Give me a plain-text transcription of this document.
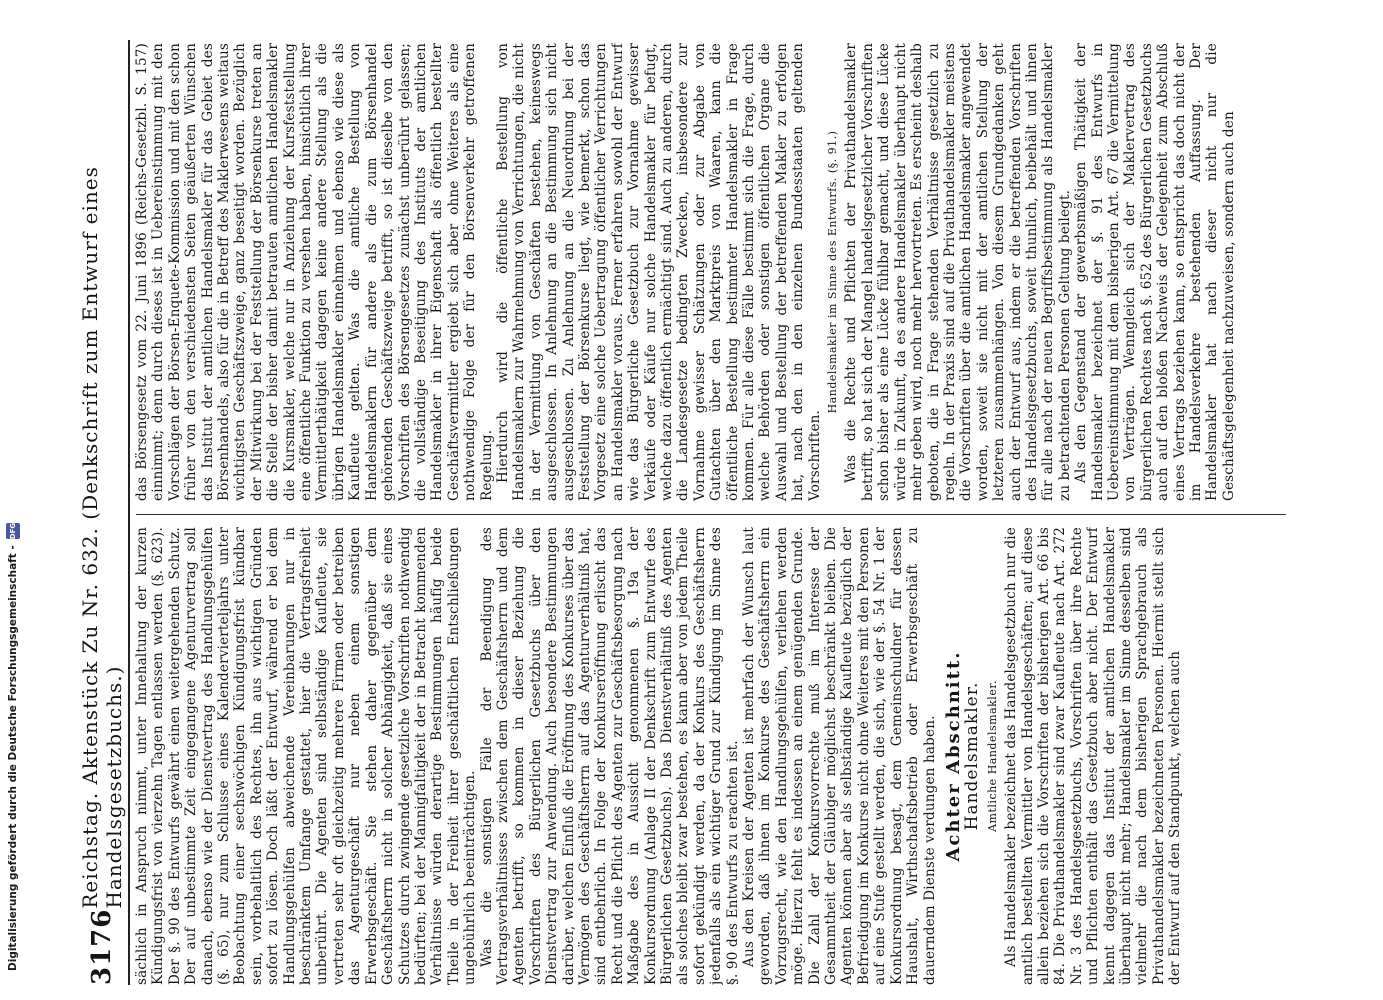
3176
Reichstag. Aktenstück Zu Nr. 632. (Denkschrift zum Entwurf eines Handelsgesetzbuchs.) sächlich in Anspruch nimmt, unter Innehaltung der kurzen Kündigungsfrist von vierzehn Tagen entlassen werden (§. 623). Der §. 90 des Entwurfs gewährt einen weitergehenden Schutz. Der auf unbestimmte Zeit eingegangene Agenturvertrag soll danach, ebenso wie der Dienstvertrag des Handlungsgehülfen (§. 65), nur zum Schlusse eines Kalendervierteljahrs unter Beobachtung einer sechswöchigen Kündigungsfrist kündbar sein, vorbehaltlich des Rechtes, ihn aus wichtigen Gründen sofort zu lösen. Doch läßt der Entwurf, während er bei dem Handlungsgehülfen abweichende Vereinbarungen nur in beschränktem Umfange gestattet, hier die Vertragsfreiheit unberührt. Die Agenten sind selbständige Kaufleute, sie vertreten sehr oft gleichzeitig mehrere Firmen oder betreiben das Agenturgeschäft nur neben einem sonstigen Erwerbsgeschäft. Sie stehen daher gegenüber dem Geschäftsherrn nicht in solcher Abhängigkeit, daß sie eines Schutzes durch zwingende gesetzliche Vorschriften nothwendig bedürften; bei der Mannigfaltigkeit der in Betracht kommenden Verhältnisse würden derartige Bestimmungen häufig beide Theile in der Freiheit ihrer geschäftlichen Entschließungen ungebührlich beeinträchtigen. Was die sonstigen Fälle der Beendigung des Vertragsverhältnisses zwischen dem Geschäftsherrn und dem Agenten betrifft, so kommen in dieser Beziehung die Vorschriften des Bürgerlichen Gesetzbuchs über den Dienstvertrag zur Anwendung. Auch besondere Bestimmungen darüber, welchen Einfluß die Eröffnung des Konkurses über das Vermögen des Geschäftsherrn auf das Agenturverhältniß hat, sind entbehrlich. In Folge der Konkurseröffnung erlischt das Recht und die Pflicht des Agenten zur Geschäftsbesorgung nach Maßgabe des in Aussicht genommenen §. 19a der Konkursordnung (Anlage II der Denkschrift zum Entwurfe des Bürgerlichen Gesetzbuchs). Das Dienstverhältniß des Agenten als solches bleibt zwar bestehen, es kann aber von jedem Theile sofort gekündigt werden, da der Konkurs des Geschäftsherrn jedenfalls als ein wichtiger Grund zur Kündigung im Sinne des §. 90 des Entwurfs zu erachten ist. Aus den Kreisen der Agenten ist mehrfach der Wunsch laut geworden, daß ihnen im Konkurse des Geschäftsherrn ein Vorzugsrecht, wie den Handlungsgehülfen, verliehen werden möge. Hierzu fehlt es indessen an einem genügenden Grunde. Die Zahl der Konkursvorrechte muß im Interesse der Gesammtheit der Gläubiger möglichst beschränkt bleiben. Die Agenten können aber als selbständige Kaufleute bezüglich der Befriedigung im Konkurse nicht ohne Weiteres mit den Personen auf eine Stufe gestellt werden, die sich, wie der §. 54 Nr. 1 der Konkursordnung besagt, dem Gemeinschuldner für dessen Haushalt, Wirthschaftsbetrieb oder Erwerbsgeschäft zu dauerndem Dienste verdungen haben. Achter Abschnitt.
Handelsmakler. Amtliche Handelsmakler. Als Handelsmakler bezeichnet das Handelsgesetzbuch nur die amtlich bestellten Vermittler von Handelsgeschäften; auf diese allein beziehen sich die Vorschriften der bisherigen Art. 66 bis 84. Die Privathandelsmakler sind zwar Kaufleute nach Art. 272 Nr. 3 des Handelsgesetzbuchs, Vorschriften über ihre Rechte und Pflichten enthält das Gesetzbuch aber nicht. Der Entwurf kennt dagegen das Institut der amtlichen Handelsmakler überhaupt nicht mehr; Handelsmakler im Sinne desselben sind vielmehr die nach dem bisherigen Sprachgebrauch als Privathandelsmakler bezeichneten Personen. Hiermit stellt sich der Entwurf auf den Standpunkt, welchen auch

das Börsengesetz vom 22. Juni 1896 (Reichs-Gesetzbl. S. 157) einnimmt; denn durch dieses ist in Uebereinstimmung mit den Vorschlägen der Börsen-Enquete-Kommission und mit den schon früher von den verschiedensten Seiten geäußerten Wünschen das Institut der amtlichen Handelsmakler für das Gebiet des Börsenhandels, also für die in Betreff des Maklerwesens weitaus wichtigsten Geschäftszweige, ganz beseitigt worden. Bezüglich der Mitwirkung bei der Feststellung der Börsenkurse treten an die Stelle der bisher damit betrauten amtlichen Handelsmakler die Kursmakler, welche nur in Anziehung der Kursfeststellung eine öffentliche Funktion zu versehen haben, hinsichtlich ihrer Vermittlerthätigkeit dagegen keine andere Stellung als die übrigen Handelsmakler einnehmen und ebenso wie diese als Kaufleute gelten. Was die amtliche Bestellung von Handelsmaklern für andere als die zum Börsenhandel gehörenden Geschäftszweige betrifft, so ist dieselbe von den Vorschriften des Börsengesetzes zunächst unberührt gelassen; die vollständige Beseitigung des Instituts der amtlichen Handelsmakler in ihrer Eigenschaft als öffentlich bestellter Geschäftsvermittler ergiebt sich aber ohne Weiteres als eine nothwendige Folge der für den Börsenverkehr getroffenen Regelung. Hierdurch wird die öffentliche Bestellung von Handelsmaklern zur Wahrnehmung von Verrichtungen, die nicht in der Vermittlung von Geschäften bestehen, keineswegs ausgeschlossen. In Anlehnung an die Bestimmung sich nicht ausgeschlossen. Zu Anlehnung an die Neuordnung bei der Feststellung der Börsenkurse liegt, wie bemerkt, schon das Vorgesetz eine solche Uebertragung öffentlicher Verrichtungen an Handelsmakler voraus. Ferner erfahren sowohl der Entwurf wie das Bürgerliche Gesetzbuch zur Vornahme gewisser Verkäufe oder Käufe nur solche Handelsmakler für befugt, welche dazu öffentlich ermächtigt sind. Auch zu anderen, durch die Landesgesetze bedingten Zwecken, insbesondere zur Vornahme gewisser Schätzungen oder zur Abgabe von Gutachten über den Marktpreis von Waaren, kann die öffentliche Bestellung bestimmter Handelsmakler in Frage kommen. Für alle diese Fälle bestimmt sich die Frage, durch welche Behörden oder sonstigen öffentlichen Organe die Auswahl und Bestellung der betreffenden Makler zu erfolgen hat, nach den in den einzelnen Bundesstaaten geltenden Vorschriften.

Handelsmakler im Sinne des Entwurfs. (§. 91.) Was die Rechte und Pflichten der Privathandelsmakler betrifft, so hat sich der Mangel handelsgesetzlicher Vorschriften schon bisher als eine Lücke fühlbar gemacht, und diese Lücke würde in Zukunft, da es andere Handelsmakler überhaupt nicht mehr geben wird, noch mehr hervortreten. Es erscheint deshalb geboten, die in Frage stehenden Verhältnisse gesetzlich zu regeln. In der Praxis sind auf die Privathandelsmakler meistens die Vorschriften über die amtlichen Handelsmakler angewendet worden, soweit sie nicht mit der amtlichen Stellung der letzteren zusammenhängen. Von diesem Grundgedanken geht auch der Entwurf aus, indem er die betreffenden Vorschriften des Handelsgesetzbuchs, soweit thunlich, beibehält und ihnen für alle nach der neuen Begriffsbestimmung als Handelsmakler zu betrachtenden Personen Geltung beilegt. Als den Gegenstand der gewerbsmäßigen Thätigkeit der Handelsmakler bezeichnet der §. 91 des Entwurfs in Uebereinstimmung mit dem bisherigen Art. 67 die Vermittelung von Verträgen. Wenngleich sich der Maklervertrag des bürgerlichen Rechtes nach §. 652 des Bürgerlichen Gesetzbuchs auch auf den bloßen Nachweis der Gelegenheit zum Abschluß eines Vertrags beziehen kann, so entspricht das doch nicht der im Handelsverkehre bestehenden Auffassung. Der Handelsmakler hat nach dieser nicht nur die Geschäftsgelegenheit nachzuweisen, sondern auch den

Digitalisierung gefördert durch die Deutsche Forschungsgemeinschaft -
DFG
